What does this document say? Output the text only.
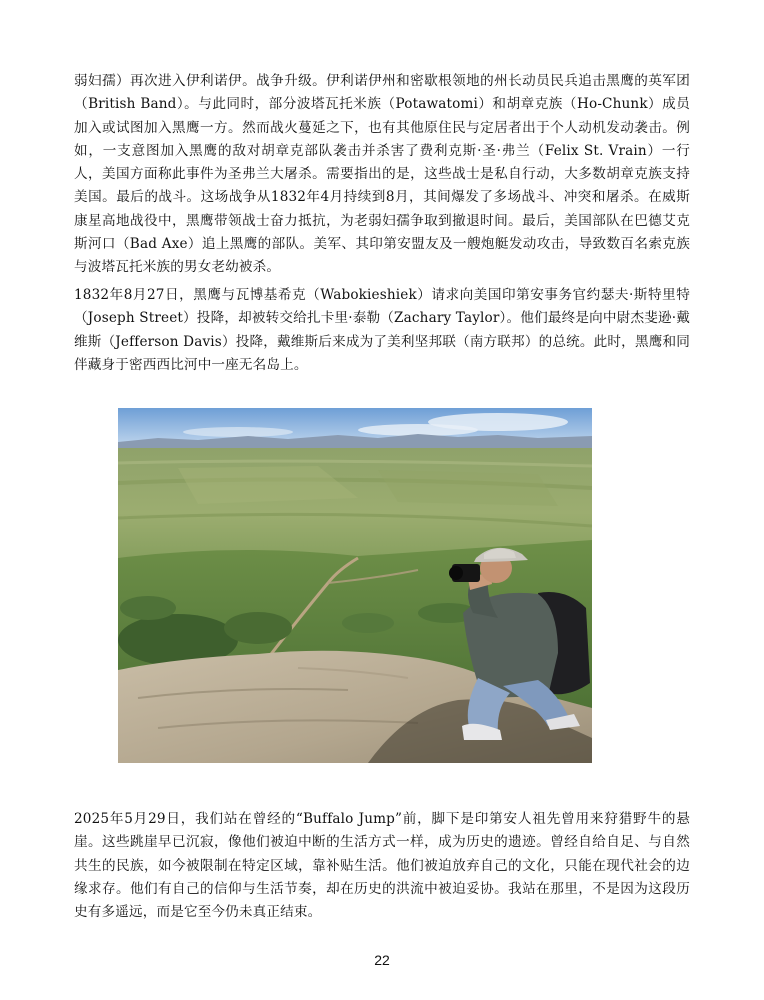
弱妇孺）再次进入伊利诺伊。战争升级。伊利诺伊州和密歇根领地的州长动员民兵追击黑鹰的英军团（British Band）。与此同时，部分波塔瓦托米族（Potawatomi）和胡章克族（Ho-Chunk）成员加入或试图加入黑鹰一方。然而战火蔓延之下，也有其他原住民与定居者出于个人动机发动袭击。例如，一支意图加入黑鹰的敌对胡章克部队袭击并杀害了费利克斯·圣·弗兰（Felix St. Vrain）一行人，美国方面称此事件为圣弗兰大屠杀。需要指出的是，这些战士是私自行动，大多数胡章克族支持美国。最后的战斗。这场战争从1832年4月持续到8月，其间爆发了多场战斗、冲突和屠杀。在威斯康星高地战役中，黑鹰带领战士奋力抵抗，为老弱妇孺争取到撤退时间。最后，美国部队在巴德艾克斯河口（Bad Axe）追上黑鹰的部队。美军、其印第安盟友及一艘炮艇发动攻击，导致数百名索克族与波塔瓦托米族的男女老幼被杀。

1832年8月27日，黑鹰与瓦博基希克（Wabokieshiek）请求向美国印第安事务官约瑟夫·斯特里特（Joseph Street）投降，却被转交给扎卡里·泰勒（Zachary Taylor）。他们最终是向中尉杰斐逊·戴维斯（Jefferson Davis）投降，戴维斯后来成为了美利坚邦联（南方联邦）的总统。此时，黑鹰和同伴藏身于密西西比河中一座无名岛上。

2025年5月29日，我们站在曾经的“Buffalo Jump”前，脚下是印第安人祖先曾用来狩猎野牛的悬崖。这些跳崖早已沉寂，像他们被迫中断的生活方式一样，成为历史的遗迹。曾经自给自足、与自然共生的民族，如今被限制在特定区域，靠补贴生活。他们被迫放弃自己的文化，只能在现代社会的边缘求存。他们有自己的信仰与生活节奏，却在历史的洪流中被迫妥协。我站在那里，不是因为这段历史有多遥远，而是它至今仍未真正结束。

22
